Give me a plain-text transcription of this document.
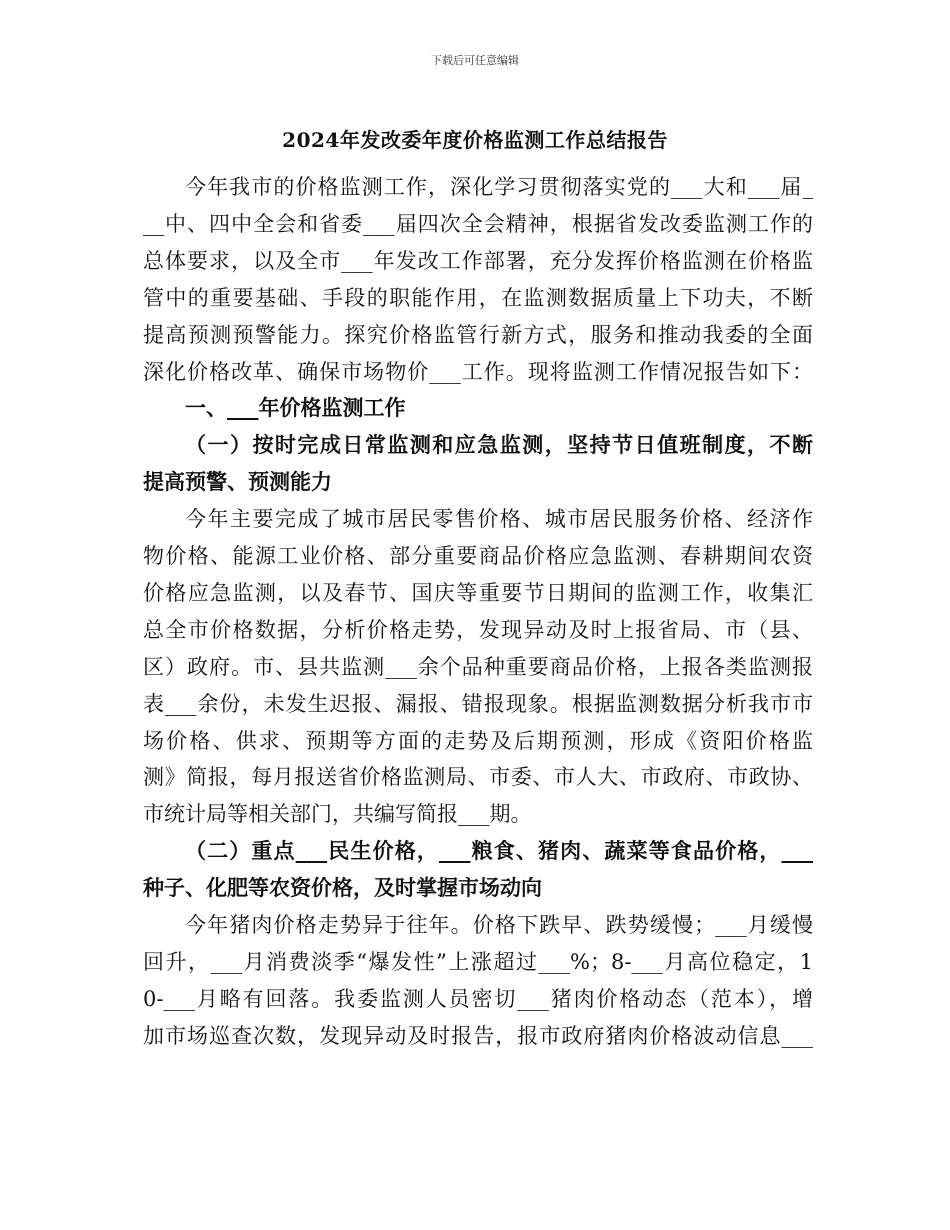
下载后可任意编辑
2024年发改委年度价格监测工作总结报告
今年我市的价格监测工作，深化学习贯彻落实党的___大和___届_
__中、四中全会和省委___届四次全会精神，根据省发改委监测工作的
总体要求，以及全市___年发改工作部署，充分发挥价格监测在价格监
管中的重要基础、手段的职能作用，在监测数据质量上下功夫，不断
提高预测预警能力。探究价格监管行新方式，服务和推动我委的全面
深化价格改革、确保市场物价___工作。现将监测工作情况报告如下：
一、___年价格监测工作
（一）按时完成日常监测和应急监测，坚持节日值班制度，不断
提高预警、预测能力
今年主要完成了城市居民零售价格、城市居民服务价格、经济作
物价格、能源工业价格、部分重要商品价格应急监测、春耕期间农资
价格应急监测，以及春节、国庆等重要节日期间的监测工作，收集汇
总全市价格数据，分析价格走势，发现异动及时上报省局、市（县、
区）政府。市、县共监测___余个品种重要商品价格，上报各类监测报
表___余份，未发生迟报、漏报、错报现象。根据监测数据分析我市市
场价格、供求、预期等方面的走势及后期预测，形成《资阳价格监
测》简报，每月报送省价格监测局、市委、市人大、市政府、市政协、
市统计局等相关部门，共编写简报___期。
（二）重点___民生价格，___粮食、猪肉、蔬菜等食品价格，___
种子、化肥等农资价格，及时掌握市场动向
今年猪肉价格走势异于往年。价格下跌早、跌势缓慢；___月缓慢
回升，___月消费淡季“爆发性”上涨超过___%；8-___月高位稳定，1
0-___月略有回落。我委监测人员密切___猪肉价格动态（范本），增
加市场巡查次数，发现异动及时报告，报市政府猪肉价格波动信息___
